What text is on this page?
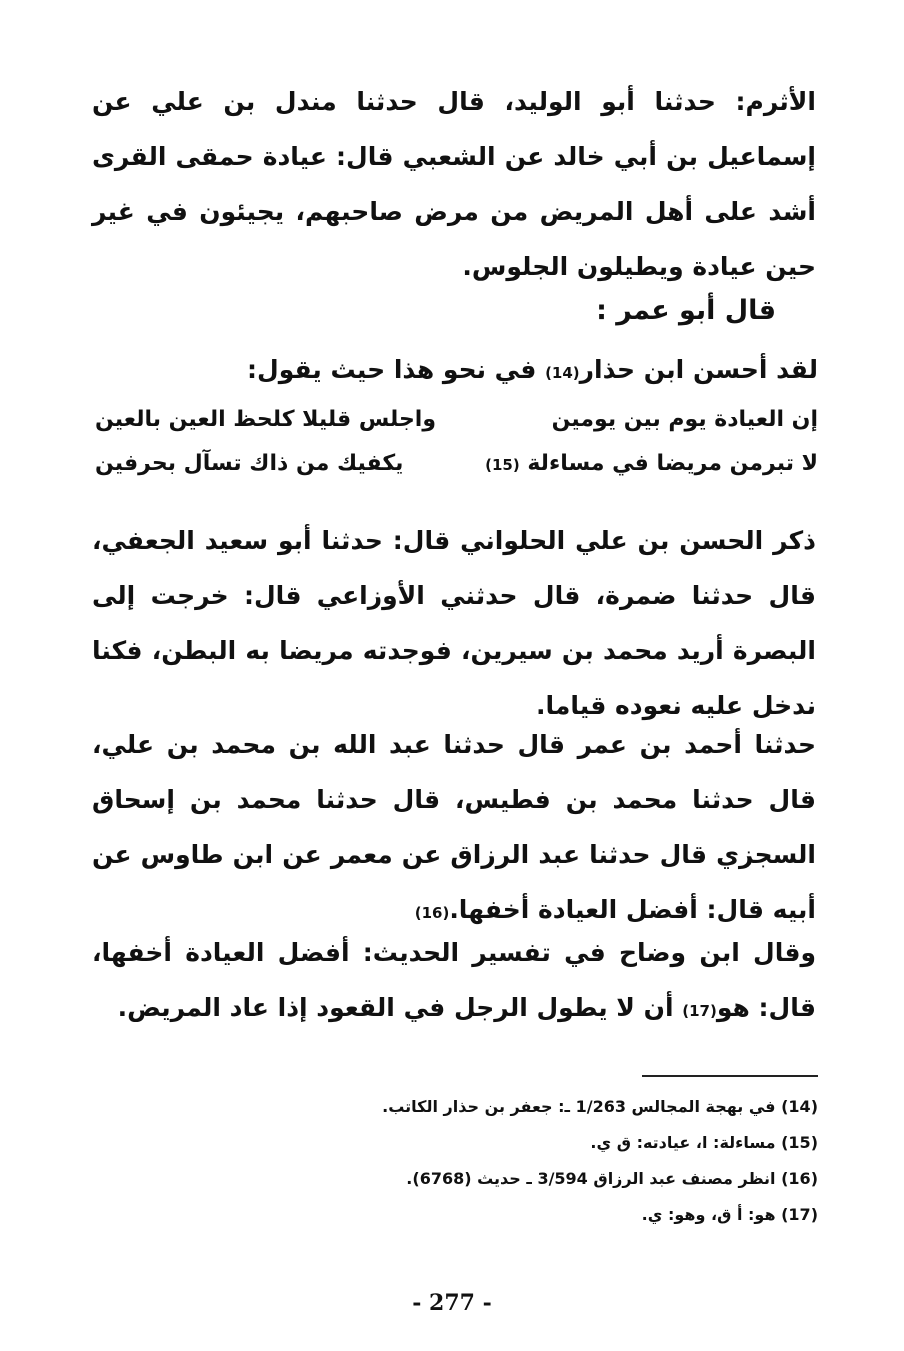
الأثرم: حدثنا أبو الوليد، قال حدثنا مندل بن علي عن إسماعيل بن أبي خالد عن الشعبي قال: عيادة حمقى القرى أشد على أهل المريض من مرض صاحبهم، يجيئون في غير حين عيادة ويطيلون الجلوس.
قال أبو عمر :
لقد أحسن ابن حذار(14) في نحو هذا حيث يقول:
إن العيادة يوم بين يومين
واجلس قليلا كلحظ العين بالعين
لا تبرمن مريضا في مساءلة (15)
يكفيك من ذاك تسآل بحرفين
ذكر الحسن بن علي الحلواني قال: حدثنا أبو سعيد الجعفي، قال حدثنا ضمرة، قال حدثني الأوزاعي قال: خرجت إلى البصرة أريد محمد بن سيرين، فوجدته مريضا به البطن، فكنا ندخل عليه نعوده قياما.
حدثنا أحمد بن عمر قال حدثنا عبد الله بن محمد بن علي، قال حدثنا محمد بن فطيس، قال حدثنا محمد بن إسحاق السجزي قال حدثنا عبد الرزاق عن معمر عن ابن طاوس عن أبيه قال: أفضل العيادة أخفها.(16)
وقال ابن وضاح في تفسير الحديث: أفضل العيادة أخفها، قال: هو(17) أن لا يطول الرجل في القعود إذا عاد المريض.
(14) في بهجة المجالس 1/263 ـ: جعفر بن حذار الكاتب.
(15) مساءلة: ا، عيادته: ق ي.
(16) انظر مصنف عبد الرزاق 3/594 ـ حديث (6768).
(17) هو: أ ق، وهو: ي.
- 277 -
